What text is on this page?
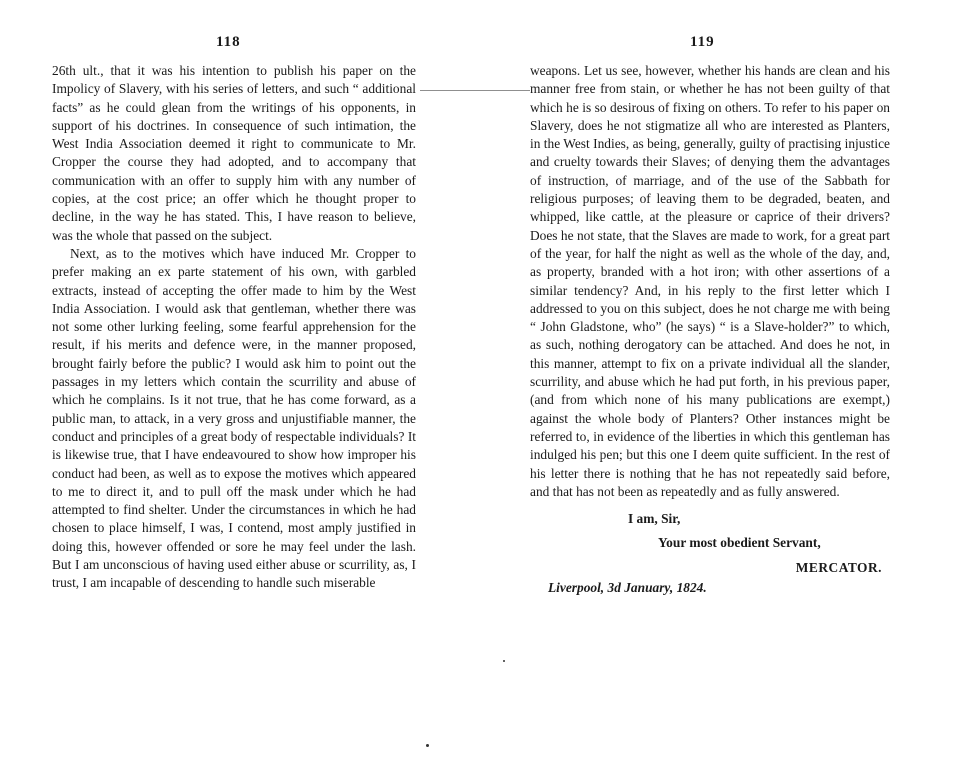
118	119

26th ult., that it was his intention to publish his paper on the Impolicy of Slavery, with his series of letters, and such “ additional facts” as he could glean from the writings of his opponents, in support of his doctrines. In consequence of such intimation, the West India Association deemed it right to communicate to Mr. Cropper the course they had adopted, and to accompany that communication with an offer to supply him with any number of copies, at the cost price; an offer which he thought proper to decline, in the way he has stated. This, I have reason to believe, was the whole that passed on the subject.

Next, as to the motives which have induced Mr. Cropper to prefer making an ex parte statement of his own, with garbled extracts, instead of accepting the offer made to him by the West India Association. I would ask that gentleman, whether there was not some other lurking feeling, some fearful apprehension for the result, if his merits and defence were, in the manner proposed, brought fairly before the public? I would ask him to point out the passages in my letters which contain the scurrility and abuse of which he complains. Is it not true, that he has come forward, as a public man, to attack, in a very gross and unjustifiable manner, the conduct and principles of a great body of respectable individuals? It is likewise true, that I have endeavoured to show how improper his conduct had been, as well as to expose the motives which appeared to me to direct it, and to pull off the mask under which he had attempted to find shelter. Under the circumstances in which he had chosen to place himself, I was, I contend, most amply justified in doing this, however offended or sore he may feel under the lash. But I am unconscious of having used either abuse or scurrility, as, I trust, I am incapable of descending to handle such miserable

weapons. Let us see, however, whether his hands are clean and his manner free from stain, or whether he has not been guilty of that which he is so desirous of fixing on others. To refer to his paper on Slavery, does he not stigmatize all who are interested as Planters, in the West Indies, as being, generally, guilty of practising injustice and cruelty towards their Slaves; of denying them the advantages of instruction, of marriage, and of the use of the Sabbath for religious purposes; of leaving them to be degraded, beaten, and whipped, like cattle, at the pleasure or caprice of their drivers? Does he not state, that the Slaves are made to work, for a great part of the year, for half the night as well as the whole of the day, and, as property, branded with a hot iron; with other assertions of a similar tendency? And, in his reply to the first letter which I addressed to you on this subject, does he not charge me with being “ John Gladstone, who” (he says) “ is a Slave-holder?” to which, as such, nothing derogatory can be attached. And does he not, in this manner, attempt to fix on a private individual all the slander, scurrility, and abuse which he had put forth, in his previous paper, (and from which none of his many publications are exempt,) against the whole body of Planters? Other instances might be referred to, in evidence of the liberties in which this gentleman has indulged his pen; but this one I deem quite sufficient. In the rest of his letter there is nothing that he has not repeatedly said before, and that has not been as repeatedly and as fully answered.

I am, Sir,
Your most obedient Servant,
MERCATOR.
Liverpool, 3d January, 1824.
